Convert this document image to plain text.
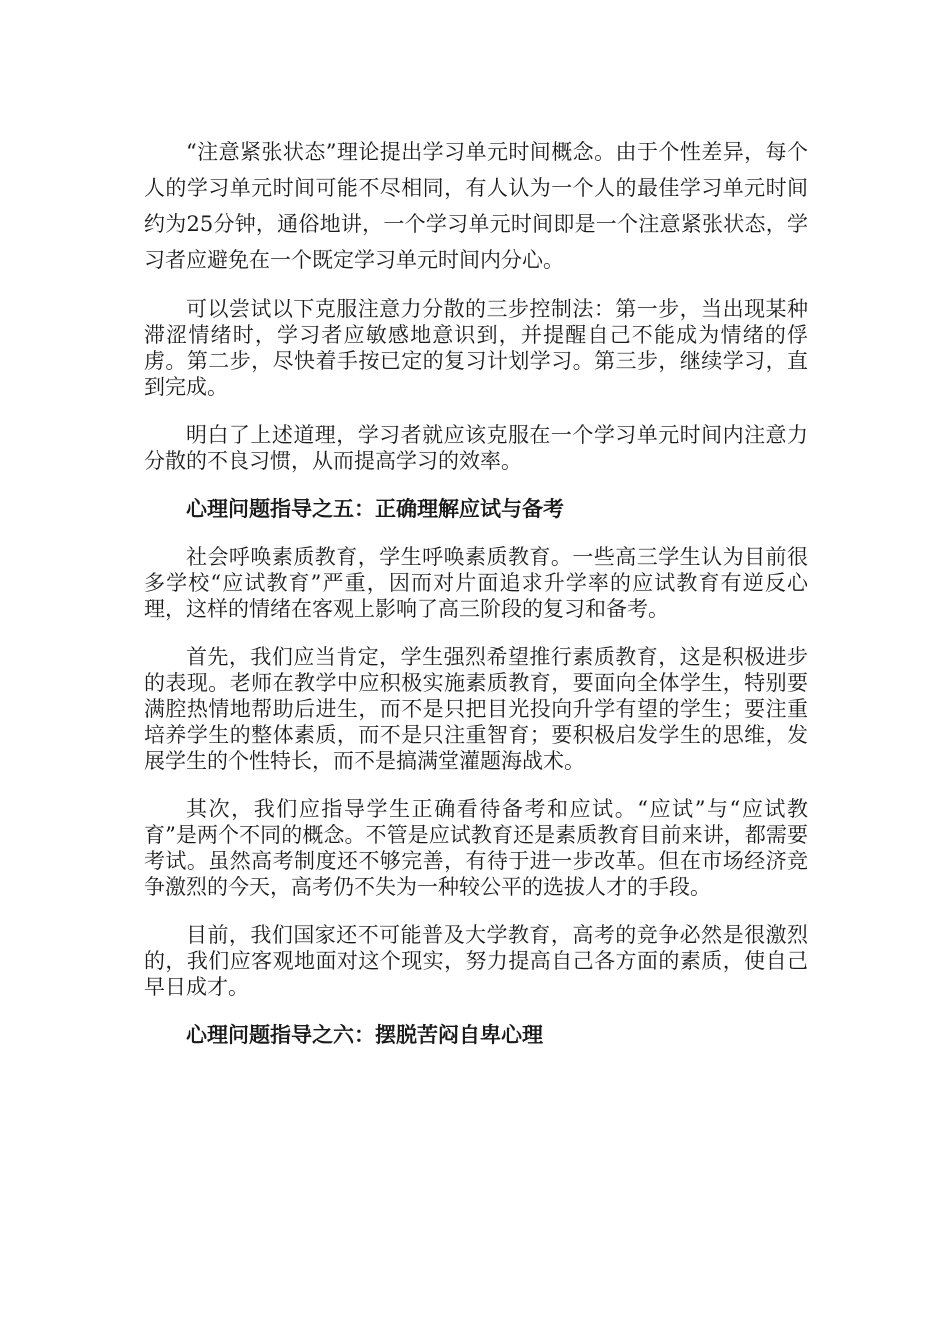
“注意紧张状态”理论提出学习单元时间概念。由于个性差异，每个人的学习单元时间可能不尽相同，有人认为一个人的最佳学习单元时间约为25分钟，通俗地讲，一个学习单元时间即是一个注意紧张状态，学习者应避免在一个既定学习单元时间内分心。

可以尝试以下克服注意力分散的三步控制法：第一步，当出现某种滞涩情绪时，学习者应敏感地意识到，并提醒自己不能成为情绪的俘虏。第二步，尽快着手按已定的复习计划学习。第三步，继续学习，直到完成。

明白了上述道理，学习者就应该克服在一个学习单元时间内注意力分散的不良习惯，从而提高学习的效率。

心理问题指导之五：正确理解应试与备考

社会呼唤素质教育，学生呼唤素质教育。一些高三学生认为目前很多学校“应试教育”严重，因而对片面追求升学率的应试教育有逆反心理，这样的情绪在客观上影响了高三阶段的复习和备考。

首先，我们应当肯定，学生强烈希望推行素质教育，这是积极进步的表现。老师在教学中应积极实施素质教育，要面向全体学生，特别要满腔热情地帮助后进生，而不是只把目光投向升学有望的学生；要注重培养学生的整体素质，而不是只注重智育；要积极启发学生的思维，发展学生的个性特长，而不是搞满堂灌题海战术。

其次，我们应指导学生正确看待备考和应试。“应试”与“应试教育”是两个不同的概念。不管是应试教育还是素质教育目前来讲，都需要考试。虽然高考制度还不够完善，有待于进一步改革。但在市场经济竞争激烈的今天，高考仍不失为一种较公平的选拔人才的手段。

目前，我们国家还不可能普及大学教育，高考的竞争必然是很激烈的，我们应客观地面对这个现实，努力提高自己各方面的素质，使自己早日成才。

心理问题指导之六：摆脱苦闷自卑心理
